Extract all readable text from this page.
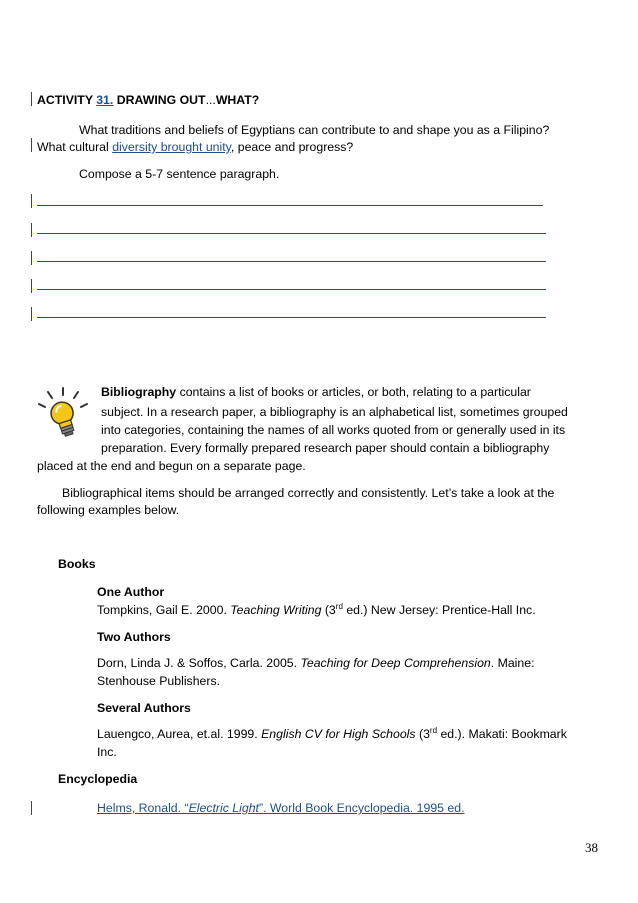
ACTIVITY 31. DRAWING OUT...WHAT?
What traditions and beliefs of Egyptians can contribute to and shape you as a Filipino?
What cultural diversity brought unity, peace and progress?
Compose a 5-7 sentence paragraph.
Bibliography contains a list of books or articles, or both, relating to a particular
subject. In a research paper, a bibliography is an alphabetical list, sometimes grouped
into categories, containing the names of all works quoted from or generally used in its
preparation. Every formally prepared research paper should contain a bibliography
placed at the end and begun on a separate page.
Bibliographical items should be arranged correctly and consistently. Let’s take a look at the
following examples below.
Books
One Author
Tompkins, Gail E. 2000. Teaching Writing (3rd ed.) New Jersey: Prentice-Hall Inc.
Two Authors
Dorn, Linda J. & Soffos, Carla. 2005. Teaching for Deep Comprehension. Maine:
Stenhouse Publishers.
Several Authors
Lauengco, Aurea, et.al. 1999. English CV for High Schools (3rd ed.). Makati: Bookmark
Inc.
Encyclopedia
Helms, Ronald. “Electric Light”. World Book Encyclopedia. 1995 ed.
38
